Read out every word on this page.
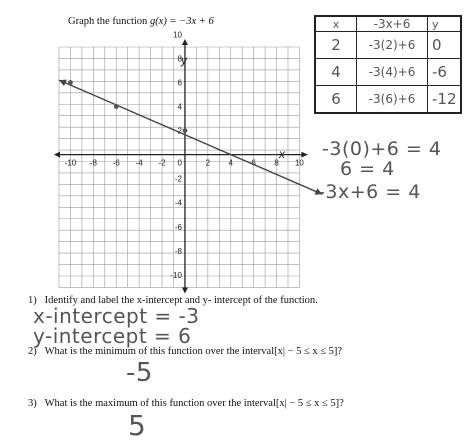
Graph the function g(x) = −3x + 6
-10 -8 -6 -4 -2	2 4 6 8 10
10
8
6
4
2
-2
-4
-6
-8
-10
0
x
y
x	-3x+6	y
2	-3(2)+6	0
4	-3(4)+6	-6
6	-3(6)+6	-12
-3(0)+6 = 4
6 = 4
-3x+6 = 4
1) Identify and label the x-intercept and y- intercept of the function.
x-intercept = -3
y-intercept = 6
2) What is the minimum of this function over the interval[x| − 5 ≤ x ≤ 5]?
-5
3) What is the maximum of this function over the interval[x| − 5 ≤ x ≤ 5]?
5
